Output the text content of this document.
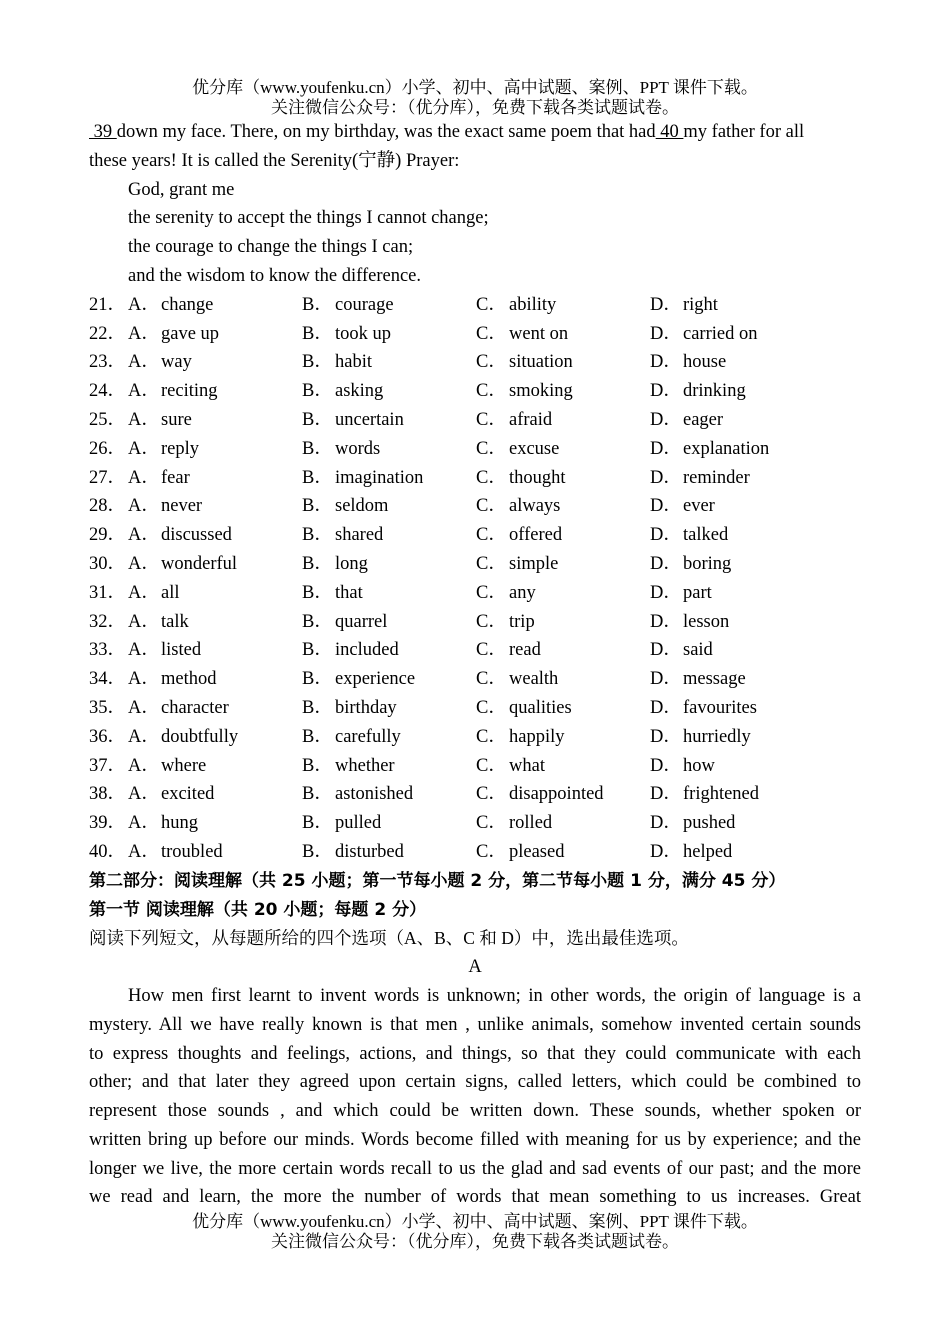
优分库（www.youfenku.cn）小学、初中、高中试题、案例、PPT 课件下载。
关注微信公众号：（优分库），免费下载各类试题试卷。
39 down my face. There, on my birthday, was the exact same poem that had 40 my father for all
these years! It is called the Serenity(宁静) Prayer:
God, grant me
the serenity to accept the things I cannot change;
the courage to change the things I can;
and the wisdom to know the difference.
21． A． change	B． courage	C． ability	D． right
22． A． gave up	B． took up	C． went on	D． carried on
23． A． way	B． habit	C． situation	D． house
24． A． reciting	B． asking	C． smoking	D． drinking
25． A． sure	B． uncertain	C． afraid	D． eager
26． A． reply	B． words	C． excuse	D． explanation
27． A． fear	B． imagination	C． thought	D． reminder
28． A． never	B． seldom	C． always	D． ever
29． A． discussed	B． shared	C． offered	D． talked
30． A． wonderful	B． long	C． simple	D． boring
31． A． all	B． that	C． any	D． part
32． A． talk	B． quarrel	C． trip	D． lesson
33． A． listed	B． included	C． read	D． said
34． A． method	B． experience	C． wealth	D． message
35． A． character	B． birthday	C． qualities	D． favourites
36． A． doubtfully	B． carefully	C． happily	D． hurriedly
37． A． where	B． whether	C． what	D． how
38． A． excited	B． astonished	C． disappointed	D． frightened
39． A． hung	B． pulled	C． rolled	D． pushed
40． A． troubled	B． disturbed	C． pleased	D． helped
第二部分：阅读理解（共 25 小题；第一节每小题 2 分，第二节每小题 1 分，满分 45 分）
第一节 阅读理解（共 20 小题；每题 2 分）
阅读下列短文，从每题所给的四个选项（A、B、C 和 D）中，选出最佳选项。
A

How men first learnt to invent words is unknown; in other words, the origin of language is a

mystery. All we have really known is that men , unlike animals, somehow invented certain sounds

to express thoughts and feelings, actions, and things, so that they could communicate with each

other; and that later they agreed upon certain signs, called letters, which could be combined to

represent those sounds , and which could be written down. These sounds, whether spoken or

written bring up before our minds. Words become filled with meaning for us by experience; and the

longer we live, the more certain words recall to us the glad and sad events of our past; and the more

we read and learn, the more the number of words that mean something to us increases. Great

优分库（www.youfenku.cn）小学、初中、高中试题、案例、PPT 课件下载。
关注微信公众号：（优分库），免费下载各类试题试卷。
